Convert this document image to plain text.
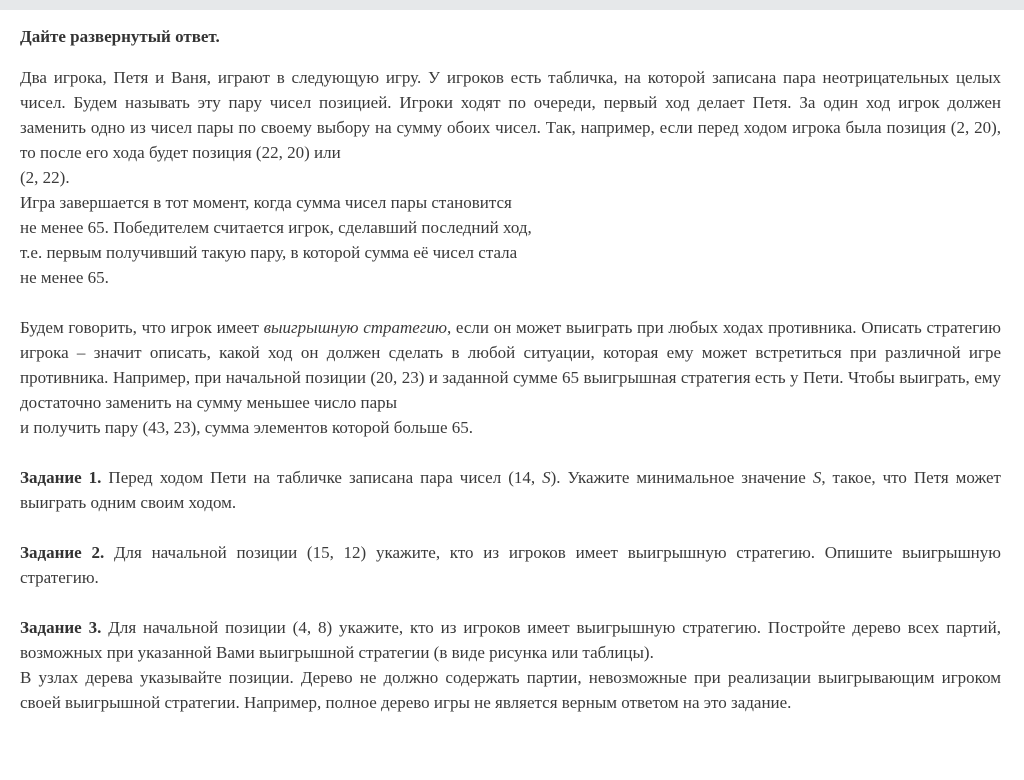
Дайте развернутый ответ.

Два игрока, Петя и Ваня, играют в следующую игру. У игроков есть табличка, на которой записана пара неотрицательных целых чисел. Будем называть эту пару чисел позицией. Игроки ходят по очереди, первый ход делает Петя. За один ход игрок должен заменить одно из чисел пары по своему выбору на сумму обоих чисел. Так, например, если перед ходом игрока была позиция (2, 20), то после его хода будет позиция (22, 20) или

(2, 22).

Игра завершается в тот момент, когда сумма чисел пары становится

не менее 65. Победителем считается игрок, сделавший последний ход,

т.е. первым получивший такую пару, в которой сумма её чисел стала

не менее 65.

Будем говорить, что игрок имеет выигрышную стратегию, если он может выиграть при любых ходах противника. Описать стратегию игрока – значит описать, какой ход он должен сделать в любой ситуации, которая ему может встретиться при различной игре противника. Например, при начальной позиции (20, 23) и заданной сумме 65 выигрышная стратегия есть у Пети. Чтобы выиграть, ему достаточно заменить на сумму меньшее число пары

и получить пару (43, 23), сумма элементов которой больше 65.

Задание 1. Перед ходом Пети на табличке записана пара чисел (14, S). Укажите минимальное значение S, такое, что Петя может выиграть одним своим ходом.

Задание 2. Для начальной позиции (15, 12) укажите, кто из игроков имеет выигрышную стратегию. Опишите выигрышную стратегию.

Задание 3. Для начальной позиции (4, 8) укажите, кто из игроков имеет выигрышную стратегию. Постройте дерево всех партий, возможных при указанной Вами выигрышной стратегии (в виде рисунка или таблицы).

В узлах дерева указывайте позиции. Дерево не должно содержать партии, невозможные при реализации выигрывающим игроком своей выигрышной стратегии. Например, полное дерево игры не является верным ответом на это задание.
